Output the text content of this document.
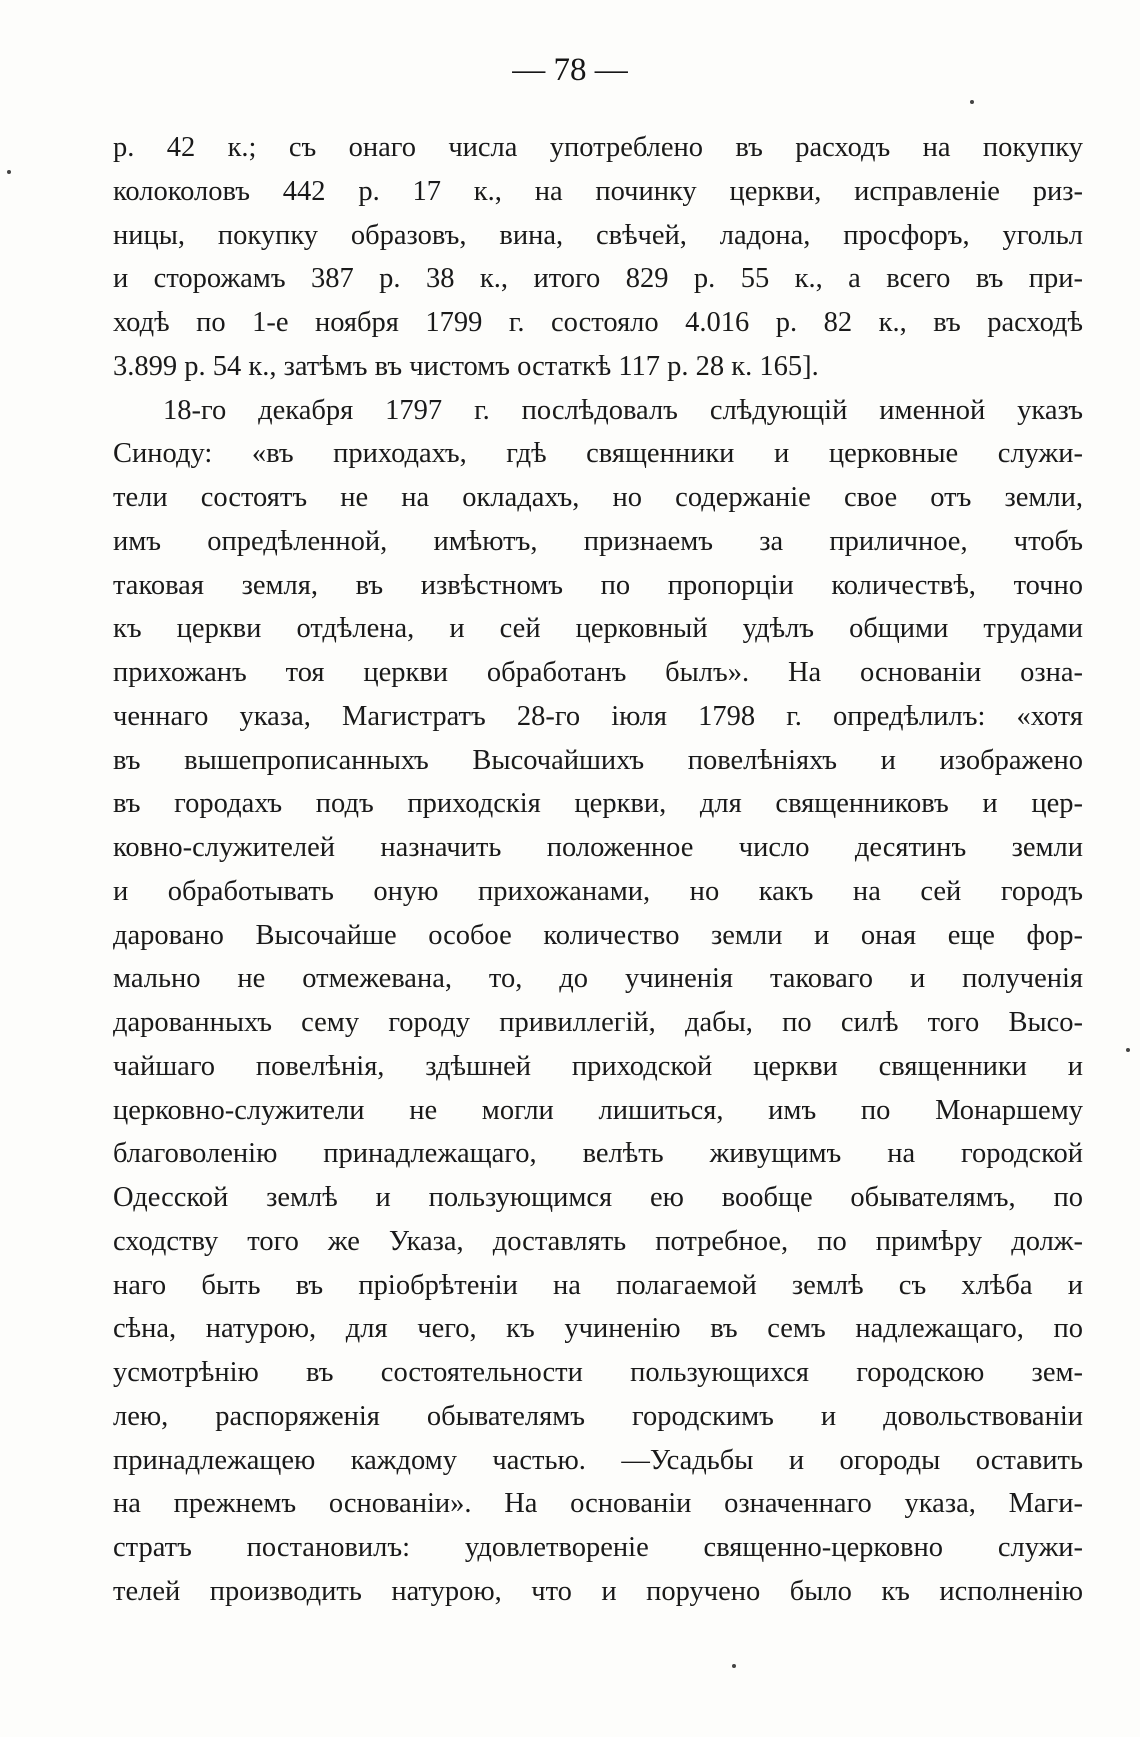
— 78 —
р. 42 к.; съ онаго числа употреблено въ расходъ на покупку
колоколовъ 442 р. 17 к., на починку церкви, исправленіе риз-
ницы, покупку образовъ, вина, свѣчей, ладона, просфоръ, угольл
и сторожамъ 387 р. 38 к., итого 829 р. 55 к., а всего въ при-
ходѣ по 1-е ноября 1799 г. состояло 4.016 р. 82 к., въ расходѣ
3.899 р. 54 к., затѣмъ въ чистомъ остаткѣ 117 р. 28 к. 165].
18-го декабря 1797 г. послѣдовалъ слѣдующій именной указъ
Синоду: «въ приходахъ, гдѣ священники и церковные служи-
тели состоятъ не на окладахъ, но содержаніе свое отъ земли,
имъ опредѣленной, имѣютъ, признаемъ за приличное, чтобъ
таковая земля, въ извѣстномъ по пропорціи количествѣ, точно
къ церкви отдѣлена, и сей церковный удѣлъ общими трудами
прихожанъ тоя церкви обработанъ былъ». На основаніи озна-
ченнаго указа, Магистратъ 28-го іюля 1798 г. опредѣлилъ: «хотя
въ вышепрописанныхъ Высочайшихъ повелѣніяхъ и изображено
въ городахъ подъ приходскія церкви, для священниковъ и цер-
ковно-служителей назначить положенное число десятинъ земли
и обработывать оную прихожанами, но какъ на сей городъ
даровано Высочайше особое количество земли и оная еще фор-
мально не отмежевана, то, до учиненія таковаго и полученія
дарованныхъ сему городу привиллегій, дабы, по силѣ того Высо-
чайшаго повелѣнія, здѣшней приходской церкви священники и
церковно-служители не могли лишиться, имъ по Монаршему
благоволенію принадлежащаго, велѣть живущимъ на городской
Одесской землѣ и пользующимся ею вообще обывателямъ, по
сходству того же Указа, доставлять потребное, по примѣру долж-
наго быть въ пріобрѣтеніи на полагаемой землѣ съ хлѣба и
сѣна, натурою, для чего, къ учиненію въ семъ надлежащаго, по
усмотрѣнію въ состоятельности пользующихся городскою зем-
лею, распоряженія обывателямъ городскимъ и довольствованіи
принадлежащею каждому частью. —Усадьбы и огороды оставить
на прежнемъ основаніи». На основаніи означеннаго указа, Маги-
стратъ постановилъ: удовлетвореніе священно-церковно служи-
телей производить натурою, что и поручено было къ исполненію
